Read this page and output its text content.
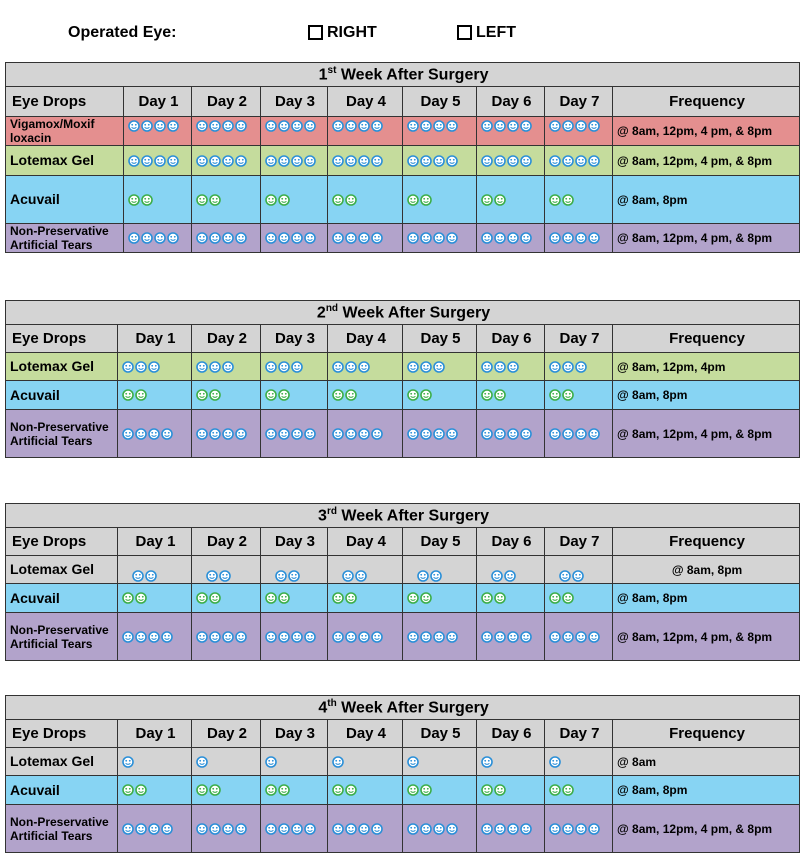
Operated Eye:	RIGHT	LEFT
1st Week After Surgery								
Eye Drops	Day 1	Day 2	Day 3	Day 4	Day 5	Day 6	Day 7	Frequency
Vigamox/Moxif loxacin								@ 8am, 12pm, 4 pm, & 8pm
Lotemax Gel								@ 8am, 12pm, 4 pm, & 8pm
Acuvail								@ 8am, 8pm
Non-Preservative Artificial Tears								@ 8am, 12pm, 4 pm, & 8pm
2nd Week After Surgery								
Eye Drops	Day 1	Day 2	Day 3	Day 4	Day 5	Day 6	Day 7	Frequency
Lotemax Gel								@ 8am, 12pm, 4pm
Acuvail								@ 8am, 8pm
Non-Preservative Artificial Tears								@ 8am, 12pm, 4 pm, & 8pm
3rd Week After Surgery								
Eye Drops	Day 1	Day 2	Day 3	Day 4	Day 5	Day 6	Day 7	Frequency
Lotemax Gel								@ 8am, 8pm
Acuvail								@ 8am, 8pm
Non-Preservative Artificial Tears								@ 8am, 12pm, 4 pm, & 8pm
4th Week After Surgery								
Eye Drops	Day 1	Day 2	Day 3	Day 4	Day 5	Day 6	Day 7	Frequency
Lotemax Gel								@ 8am
Acuvail								@ 8am, 8pm
Non-Preservative Artificial Tears								@ 8am, 12pm, 4 pm, & 8pm
